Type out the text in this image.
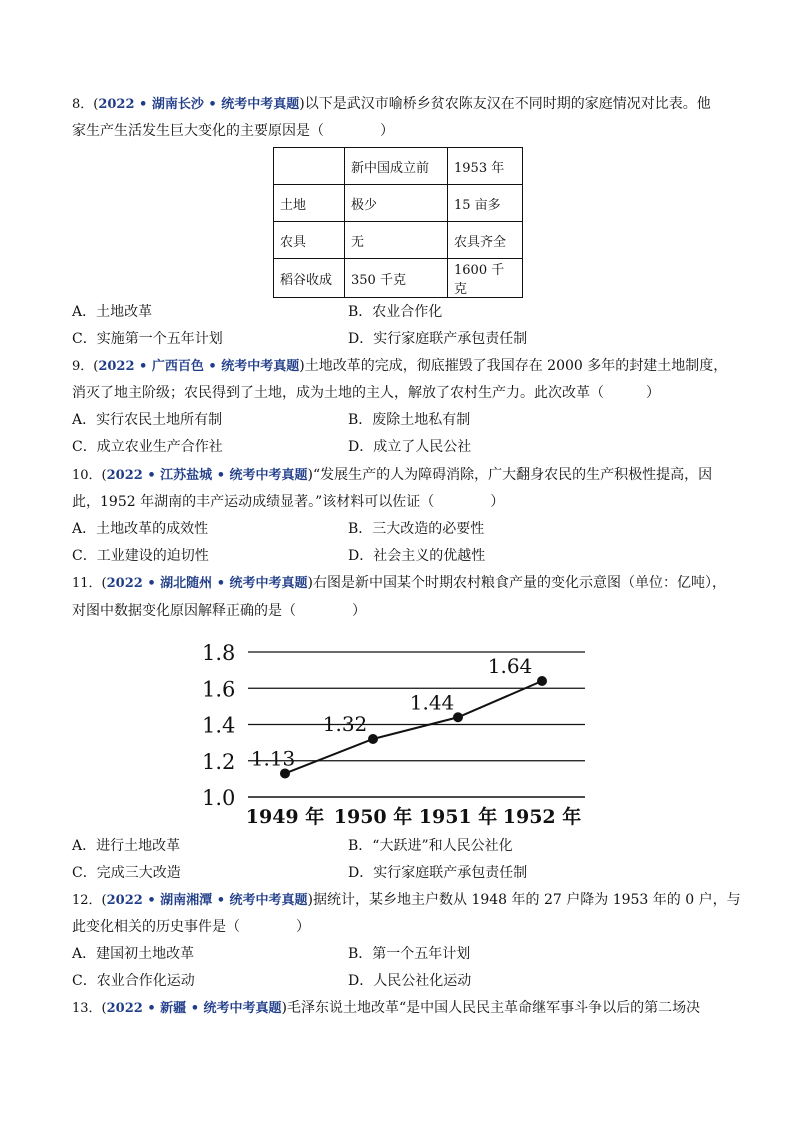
8．(2022 • 湖南长沙 • 统考中考真题)以下是武汉市喻桥乡贫农陈友汉在不同时期的家庭情况对比表。他
家生产生活发生巨大变化的主要原因是（　　　　）
	新中国成立前	1953 年
土地	极少	15 亩多
农具	无	农具齐全
稻谷收成	350 千克	1600 千克
A．土地改革	B．农业合作化
C．实施第一个五年计划	D．实行家庭联产承包责任制
9．(2022 • 广西百色 • 统考中考真题)土地改革的完成，彻底摧毁了我国存在 2000 多年的封建土地制度，
消灭了地主阶级；农民得到了土地，成为土地的主人，解放了农村生产力。此次改革（　　　）
A．实行农民土地所有制	B．废除土地私有制
C．成立农业生产合作社	D．成立了人民公社
10．(2022 • 江苏盐城 • 统考中考真题)“发展生产的人为障碍消除，广大翻身农民的生产积极性提高，因
此，1952 年湖南的丰产运动成绩显著。”该材料可以佐证（　　　　）
A．土地改革的成效性	B．三大改造的必要性
C．工业建设的迫切性	D．社会主义的优越性
11．(2022 • 湖北随州 • 统考中考真题)右图是新中国某个时期农村粮食产量的变化示意图（单位：亿吨），
对图中数据变化原因解释正确的是（　　　　）
1.8
1.6
1.4
1.2
1.0
1949 年 1950 年 1951 年 1952 年
1.13
1.32
1.44
1.64
A．进行土地改革	B．“大跃进”和人民公社化
C．完成三大改造	D．实行家庭联产承包责任制
12．(2022 • 湖南湘潭 • 统考中考真题)据统计，某乡地主户数从 1948 年的 27 户降为 1953 年的 0 户，与
此变化相关的历史事件是（　　　　）
A．建国初土地改革	B．第一个五年计划
C．农业合作化运动	D．人民公社化运动
13．(2022 • 新疆 • 统考中考真题)毛泽东说土地改革“是中国人民民主革命继军事斗争以后的第二场决
